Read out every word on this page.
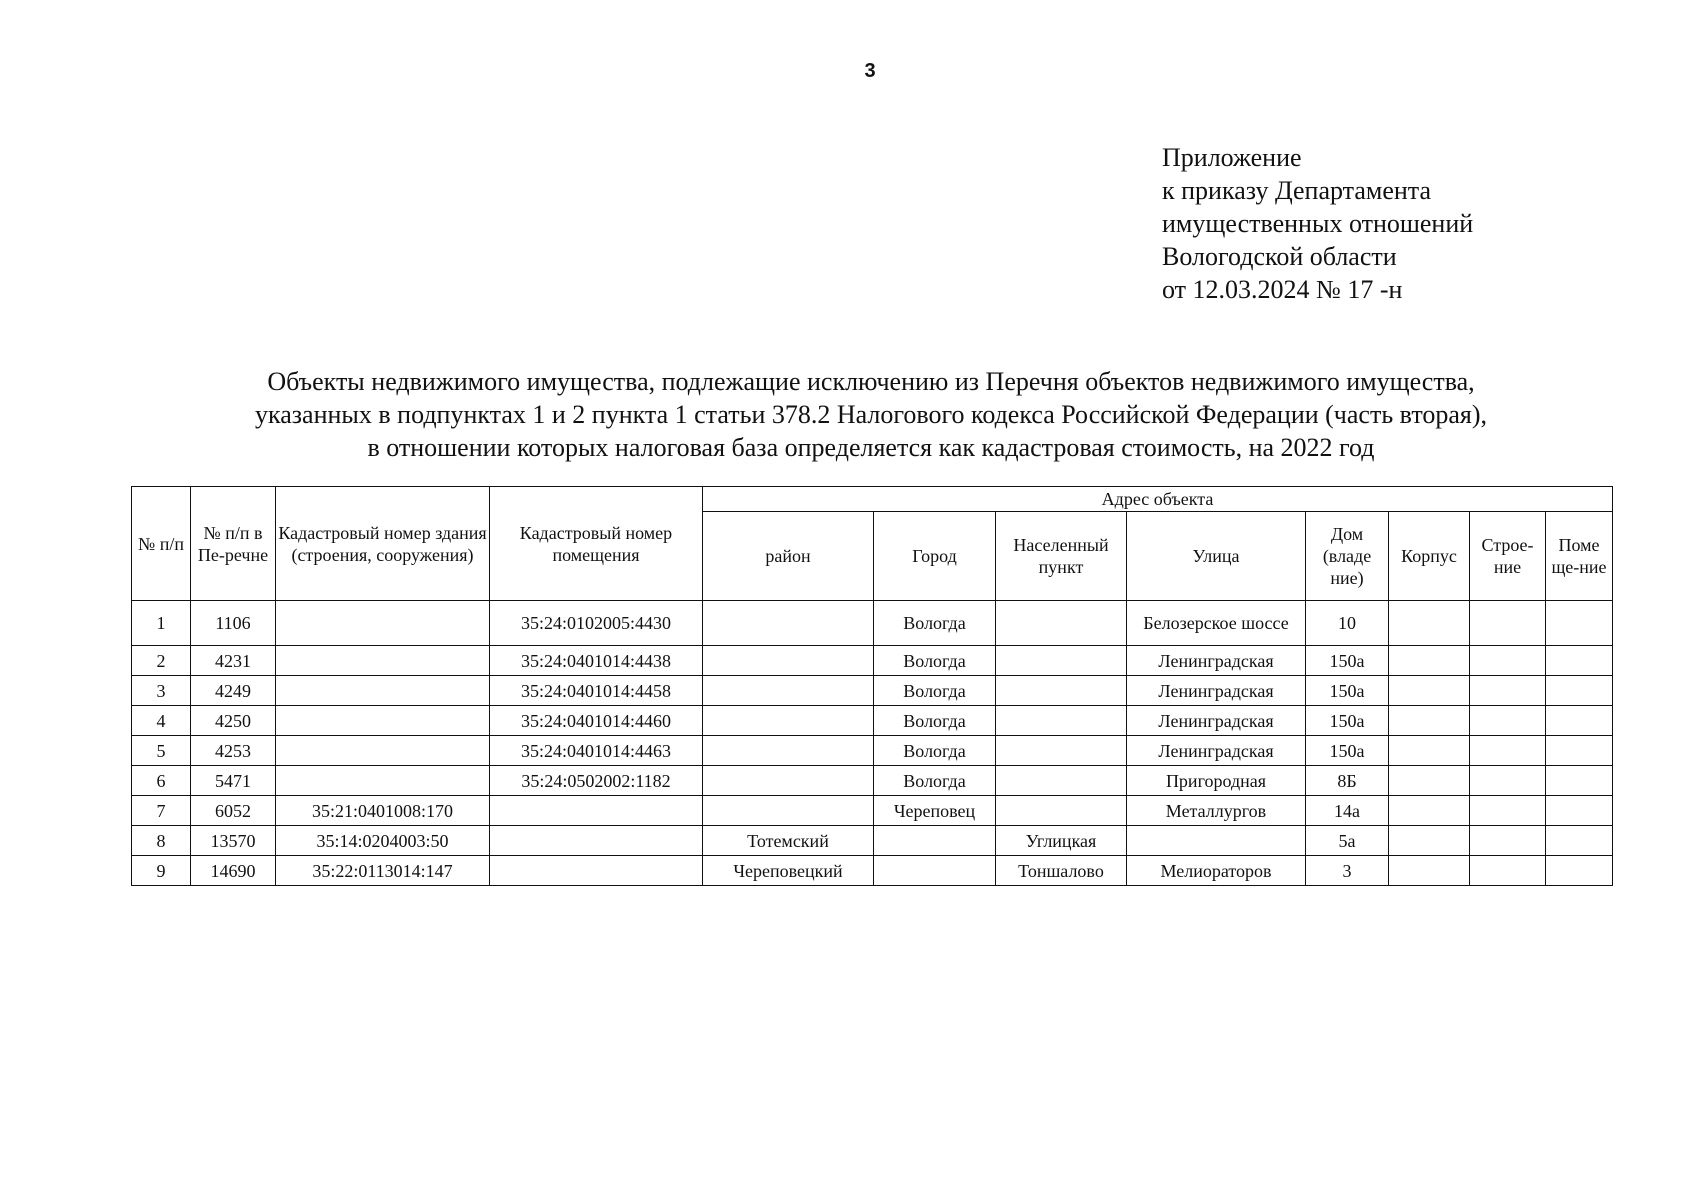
3
Приложение
к приказу Департамента
имущественных отношений
Вологодской области
от 12.03.2024 № 17 -н
Объекты недвижимого имущества, подлежащие исключению из Перечня объектов недвижимого имущества,
указанных в подпунктах 1 и 2 пункта 1 статьи 378.2 Налогового кодекса Российской Федерации (часть вторая),
в отношении которых налоговая база определяется как кадастровая стоимость, на 2022 год
№ п/п	№ п/п в Пе-речне	Кадастровый номер здания (строения, сооружения)	Кадастровый номер помещения	Адрес объекта							
				район	Город	Населенный пункт	Улица	Дом (владе ние)	Корпус	Строе-ние	Поме ще-ние
1	1106		35:24:0102005:4430		Вологда		Белозерское шоссе	10			
2	4231		35:24:0401014:4438		Вологда		Ленинградская	150а			
3	4249		35:24:0401014:4458		Вологда		Ленинградская	150а			
4	4250		35:24:0401014:4460		Вологда		Ленинградская	150а			
5	4253		35:24:0401014:4463		Вологда		Ленинградская	150а			
6	5471		35:24:0502002:1182		Вологда		Пригородная	8Б			
7	6052	35:21:0401008:170			Череповец		Металлургов	14а			
8	13570	35:14:0204003:50		Тотемский		Углицкая		5а			
9	14690	35:22:0113014:147		Череповецкий		Тоншалово	Мелиораторов	3			
